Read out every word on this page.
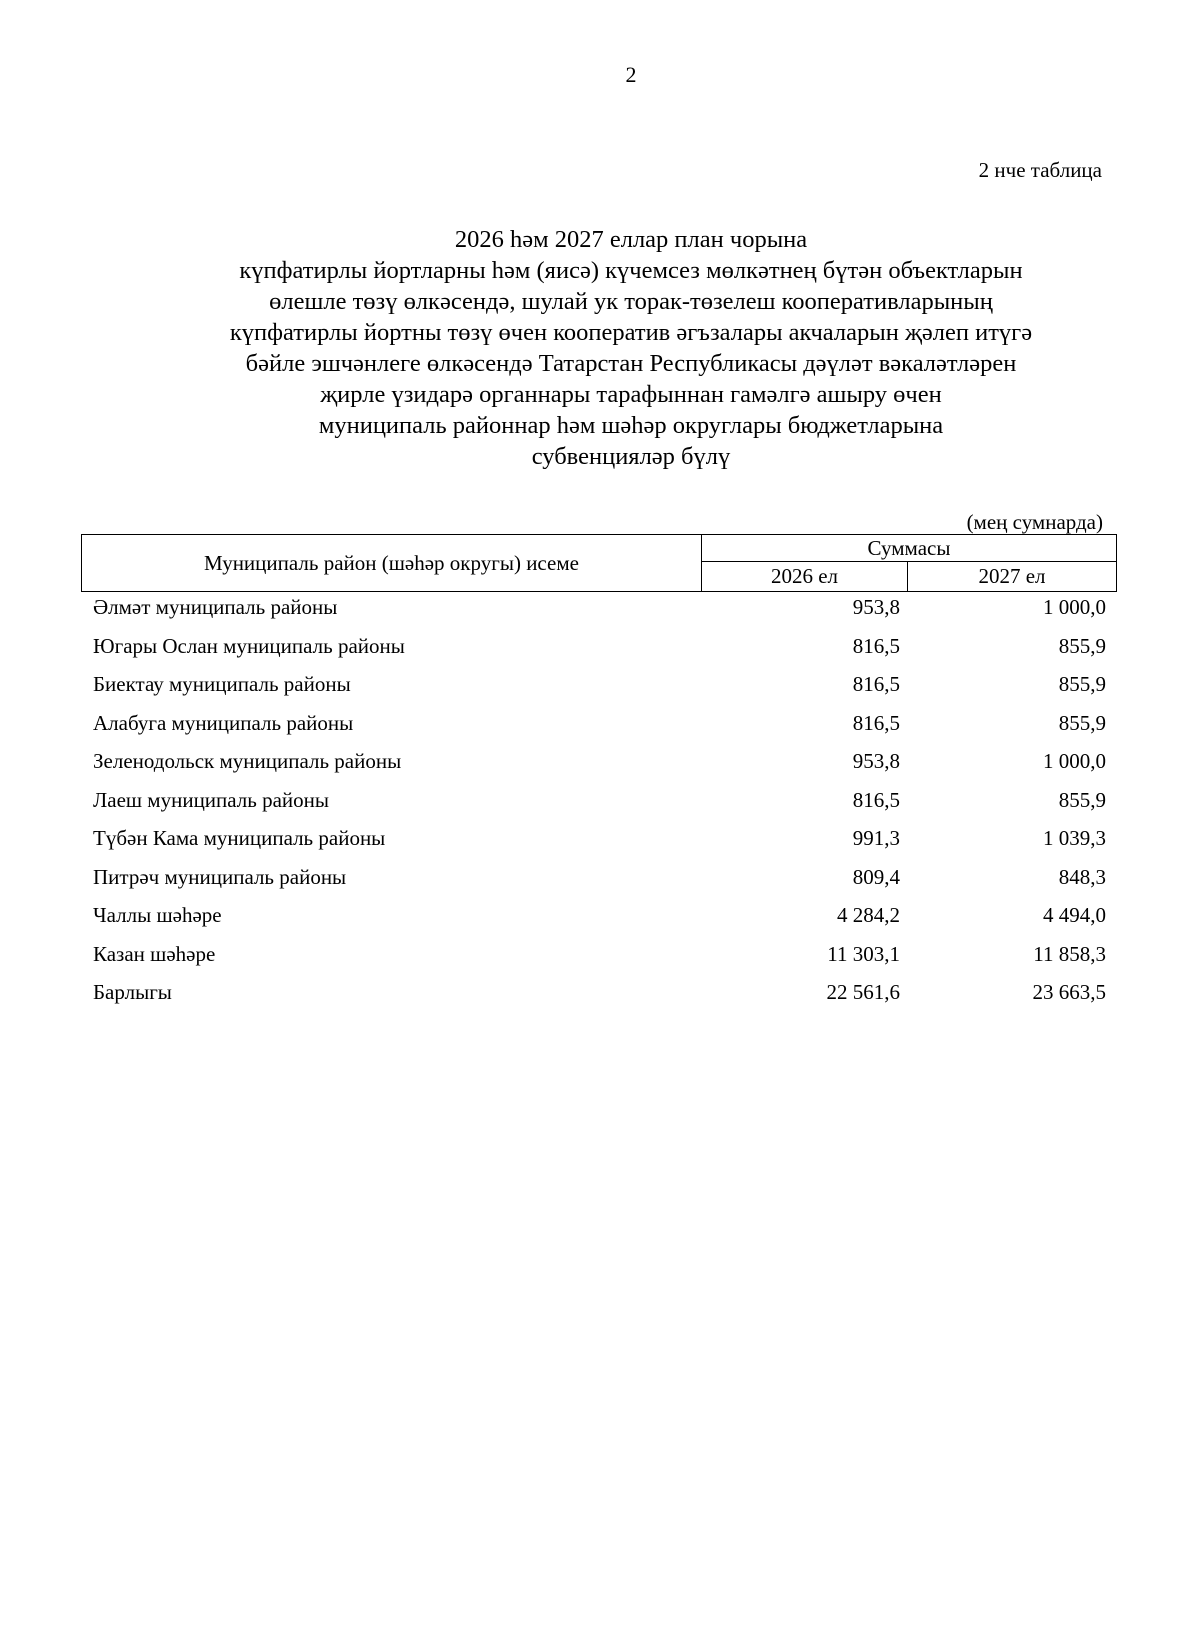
2
2 нче таблица
2026 һәм 2027 еллар план чорына
күпфатирлы йортларны һәм (яисә) күчемсез мөлкәтнең бүтән объектларын
өлешле төзү өлкәсендә, шулай ук торак-төзелеш кооперативларының
күпфатирлы йортны төзү өчен кооператив әгъзалары акчаларын җәлеп итүгә
бәйле эшчәнлеге өлкәсендә Татарстан Республикасы дәүләт вәкаләтләрен
җирле үзидарә органнары тарафыннан гамәлгә ашыру өчен
муниципаль районнар һәм шәһәр округлары бюджетларына
субвенцияләр бүлү
(мең сумнарда)
Муниципаль район (шәһәр округы) исеме
Суммасы
2026 ел	2027 ел
Әлмәт муниципаль районы	953,8	1 000,0
Югары Ослан муниципаль районы	816,5	855,9
Биектау муниципаль районы	816,5	855,9
Алабуга муниципаль районы	816,5	855,9
Зеленодольск муниципаль районы	953,8	1 000,0
Лаеш муниципаль районы	816,5	855,9
Түбән Кама муниципаль районы	991,3	1 039,3
Питрәч муниципаль районы	809,4	848,3
Чаллы шәһәре	4 284,2	4 494,0
Казан шәһәре	11 303,1	11 858,3
Барлыгы	22 561,6	23 663,5
